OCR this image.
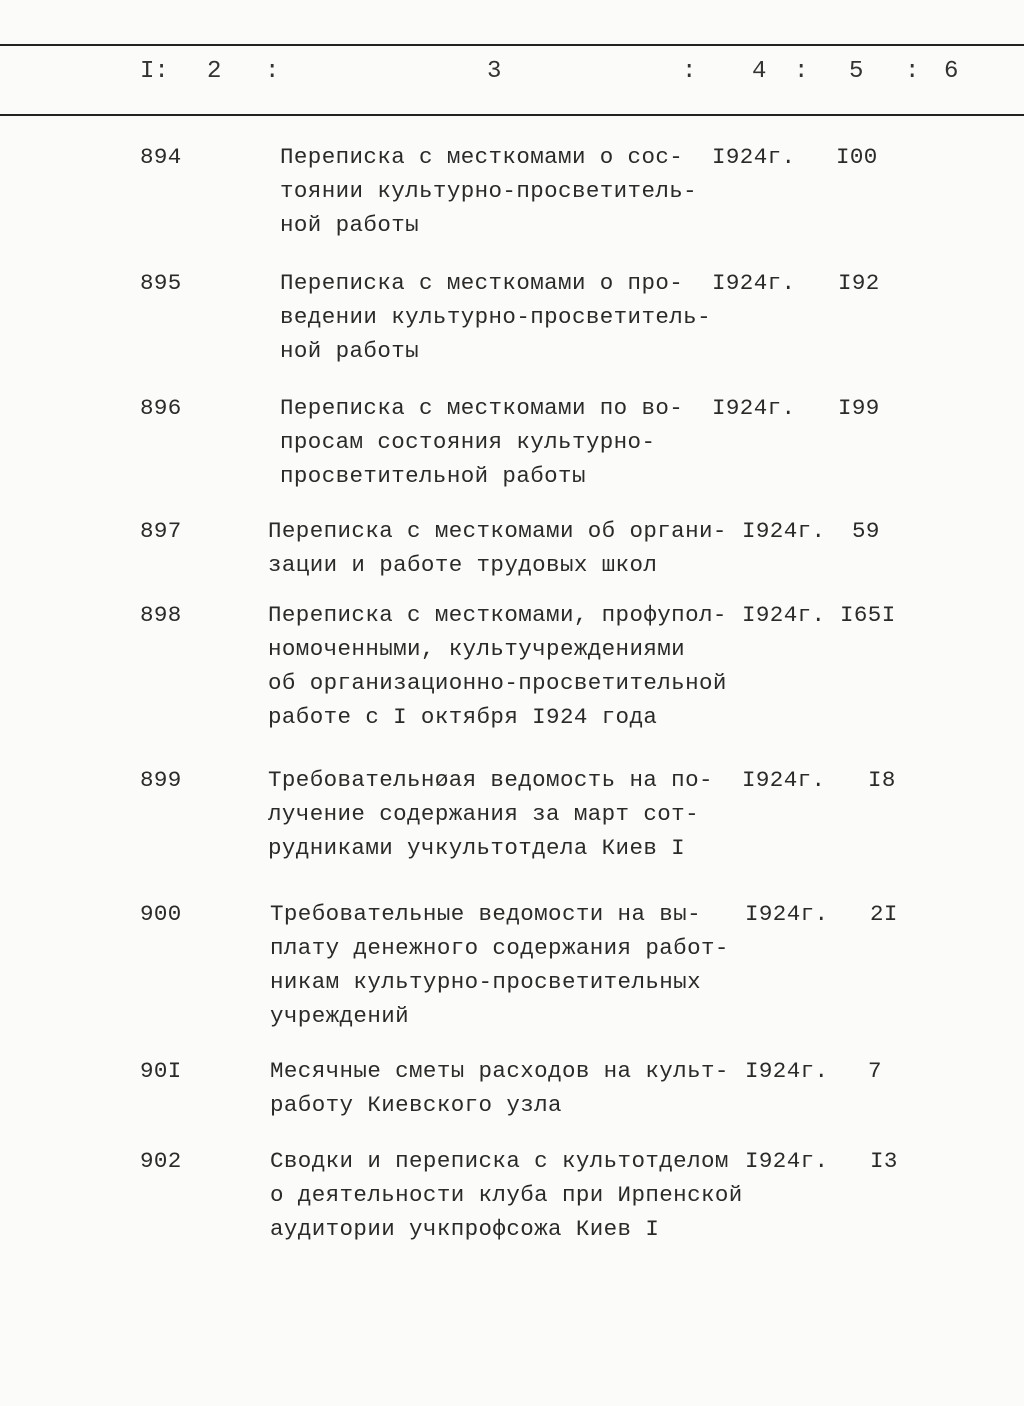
I: 2 :	3	: 4 : 5 : 6
894	Переписка с месткомами о сос-
тоянии культурно-просветитель-
ной работы
I924г. I00
895	Переписка с месткомами о про-
ведении культурно-просветитель-
ной работы
I924г. I92
896	Переписка с месткомами по во-
просам состояния культурно-
просветительной работы
I924г. I99
897	Переписка с месткомами об органи-
зации и работе трудовых школ
I924г. 59
898	Переписка с месткомами, профупол-
номоченными, культучреждениями
об организационно-просветительной
работе с I октября I924 года
I924г. I65I
899	Требовательнøая ведомость на по-
лучение содержания за март сот-
рудниками учкультотдела Киев I
I924г. I8
900	Требовательные ведомости на вы-
плату денежного содержания работ-
никам культурно-просветительных
учреждений
I924г. 2I
90I	Месячные сметы расходов на культ-
работу Киевского узла
I924г. 7
902	Сводки и переписка с культотделом
о деятельности клуба при Ирпенской
аудитории учкпрофсожа Киев I
I924г. I3
